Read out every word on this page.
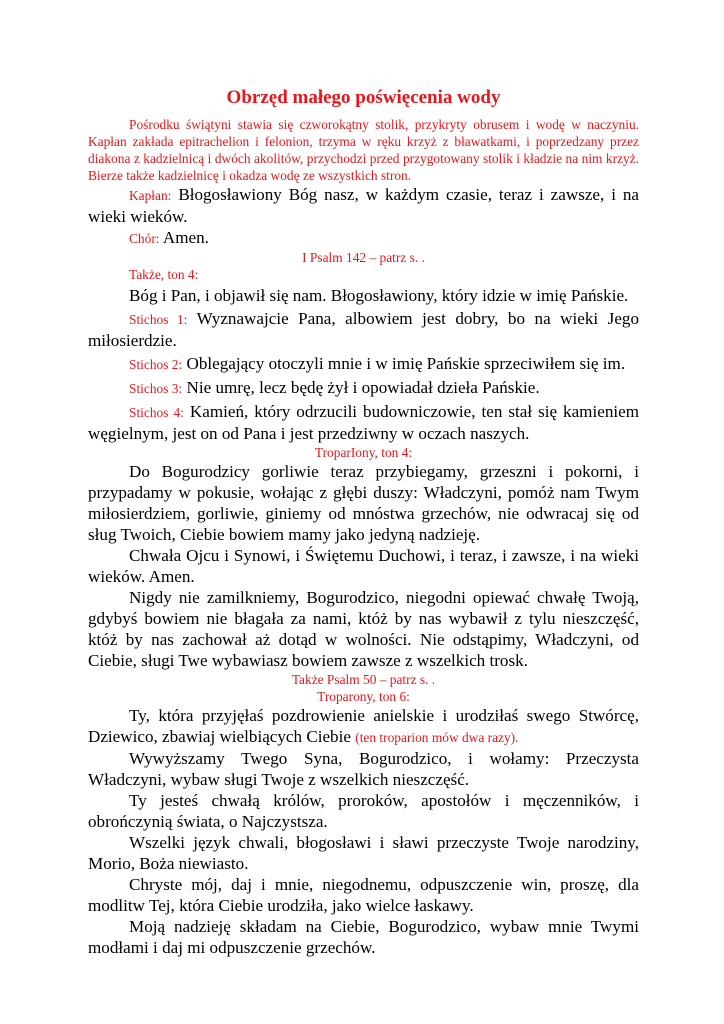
Obrzęd małego poświęcenia wody

Pośrodku świątyni stawia się czworokątny stolik, przykryty obrusem i wodę w naczyniu. Kapłan zakłada epitrachelion i felonion, trzyma w ręku krzyż z bławatkami, i poprzedzany przez diakona z kadzielnicą i dwóch akolitów, przychodzi przed przygotowany stolik i kładzie na nim krzyż. Bierze także kadzielnicę i okadza wodę ze wszystkich stron.

Kapłan: Błogosławiony Bóg nasz, w każdym czasie, teraz i zawsze, i na wieki wieków.

Chór: Amen.

I Psalm 142 – patrz s. .

Także, ton 4:

Bóg i Pan, i objawił się nam. Błogosławiony, który idzie w imię Pańskie.

Stichos 1: Wyznawajcie Pana, albowiem jest dobry, bo na wieki Jego miłosierdzie.

Stichos 2: Oblegający otoczyli mnie i w imię Pańskie sprzeciwiłem się im.

Stichos 3: Nie umrę, lecz będę żył i opowiadał dzieła Pańskie.

Stichos 4: Kamień, który odrzucili budowniczowie, ten stał się kamieniem węgielnym, jest on od Pana i jest przedziwny w oczach naszych.

TroparIony, ton 4:

Do Bogurodzicy gorliwie teraz przybiegamy, grzeszni i pokorni, i przypadamy w pokusie, wołając z głębi duszy: Władczyni, pomóż nam Twym miłosierdziem, gorliwie, giniemy od mnóstwa grzechów, nie odwracaj się od sług Twoich, Ciebie bowiem mamy jako jedyną nadzieję.

Chwała Ojcu i Synowi, i Świętemu Duchowi, i teraz, i zawsze, i na wieki wieków. Amen.

Nigdy nie zamilkniemy, Bogurodzico, niegodni opiewać chwałę Twoją, gdybyś bowiem nie błagała za nami, któż by nas wybawił z tylu nieszczęść, któż by nas zachował aż dotąd w wolności. Nie odstąpimy, Władczyni, od Ciebie, sługi Twe wybawiasz bowiem zawsze z wszelkich trosk.

Także Psalm 50 – patrz s. .

Troparony, ton 6:

Ty, która przyjęłaś pozdrowienie anielskie i urodziłaś swego Stwórcę, Dziewico, zbawiaj wielbiących Ciebie (ten troparion mów dwa razy).

Wywyższamy Twego Syna, Bogurodzico, i wołamy: Przeczysta Władczyni, wybaw sługi Twoje z wszelkich nieszczęść.

Ty jesteś chwałą królów, proroków, apostołów i męczenników, i obrończynią świata, o Najczystsza.

Wszelki język chwali, błogosławi i sławi przeczyste Twoje narodziny, Morio, Boża niewiasto.

Chryste mój, daj i mnie, niegodnemu, odpuszczenie win, proszę, dla modlitw Tej, która Ciebie urodziła, jako wielce łaskawy.

Moją nadzieję składam na Ciebie, Bogurodzico, wybaw mnie Twymi modłami i daj mi odpuszczenie grzechów.
